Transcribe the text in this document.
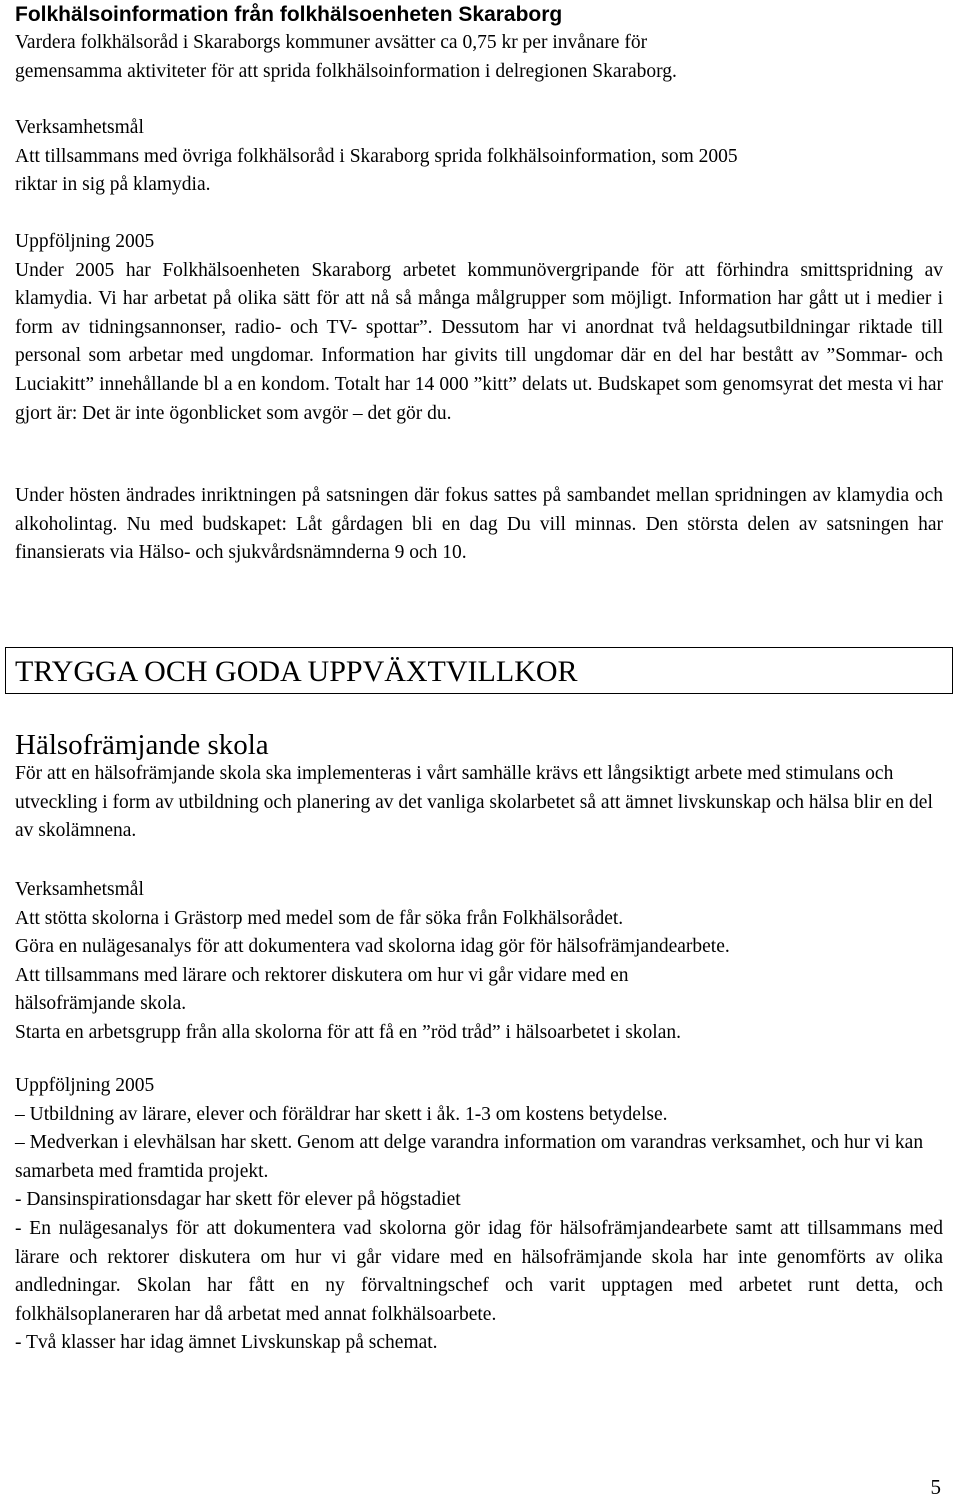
Folkhälsoinformation från folkhälsoenheten Skaraborg

Vardera folkhälsoråd i Skaraborgs kommuner avsätter ca 0,75 kr per invånare för

gemensamma aktiviteter för att sprida folkhälsoinformation i delregionen Skaraborg.

Verksamhetsmål

Att tillsammans med övriga folkhälsoråd i Skaraborg sprida folkhälsoinformation, som 2005

riktar in sig på klamydia.

Uppföljning 2005

Under 2005 har Folkhälsoenheten Skaraborg arbetet kommunövergripande för att förhindra smittspridning av klamydia. Vi har arbetat på olika sätt för att nå så många målgrupper som möjligt. Information har gått ut i medier i form av tidningsannonser, radio- och TV- spottar”. Dessutom har vi anordnat två heldagsutbildningar riktade till personal som arbetar med ungdomar. Information har givits till ungdomar där en del har bestått av ”Sommar- och Luciakitt” innehållande bl a en kondom. Totalt har 14 000 ”kitt” delats ut. Budskapet som genomsyrat det mesta vi har gjort är: Det är inte ögonblicket som avgör – det gör du.

Under hösten ändrades inriktningen på satsningen där fokus sattes på sambandet mellan spridningen av klamydia och alkoholintag. Nu med budskapet: Låt gårdagen bli en dag Du vill minnas. Den största delen av satsningen har finansierats via Hälso- och sjukvårdsnämnderna 9 och 10.

TRYGGA OCH GODA UPPVÄXTVILLKOR
Hälsofrämjande skola

För att en hälsofrämjande skola ska implementeras i vårt samhälle krävs ett långsiktigt arbete med stimulans och utveckling i form av utbildning och planering av det vanliga skolarbetet så att ämnet livskunskap och hälsa blir en del av skolämnena.

Verksamhetsmål

Att stötta skolorna i Grästorp med medel som de får söka från Folkhälsorådet.

Göra en nulägesanalys för att dokumentera vad skolorna idag gör för hälsofrämjandearbete.

Att tillsammans med lärare och rektorer diskutera om hur vi går vidare med en

hälsofrämjande skola.

Starta en arbetsgrupp från alla skolorna för att få en ”röd tråd” i hälsoarbetet i skolan.

Uppföljning 2005

– Utbildning av lärare, elever och föräldrar har skett i åk. 1-3 om kostens betydelse.

– Medverkan i elevhälsan har skett. Genom att delge varandra information om varandras verksamhet, och hur vi kan samarbeta med framtida projekt.

- Dansinspirationsdagar har skett för elever på högstadiet

- En nulägesanalys för att dokumentera vad skolorna gör idag för hälsofrämjandearbete samt att tillsammans med lärare och rektorer diskutera om hur vi går vidare med en hälsofrämjande skola har inte genomförts av olika andledningar. Skolan har fått en ny förvaltningschef och varit upptagen med arbetet runt detta, och folkhälsoplaneraren har då arbetat med annat folkhälsoarbete.

- Två klasser har idag ämnet Livskunskap på schemat.

5
